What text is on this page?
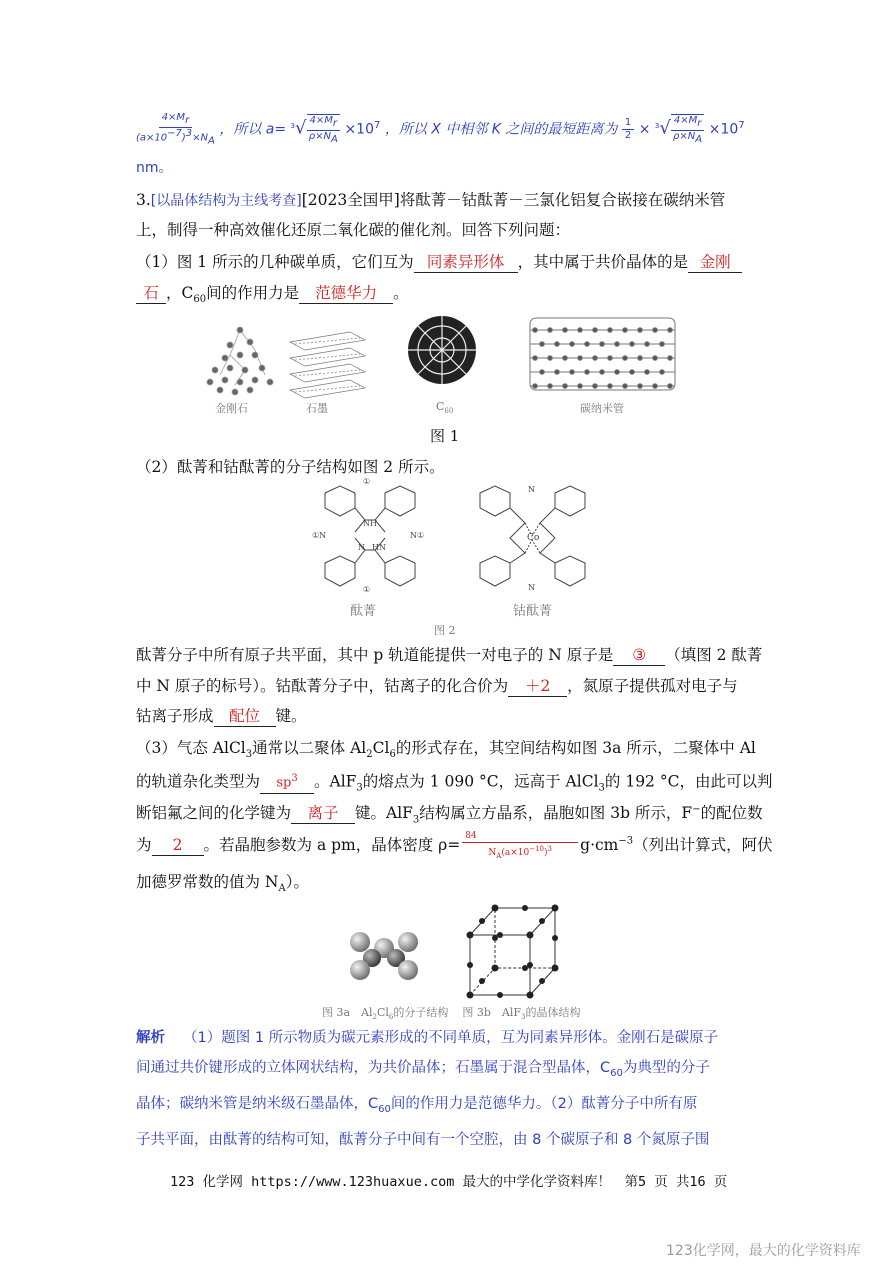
$\frac{4\times M_r}{(a\times 10^{-7})^3\times N_A}$ ，所以 $a= ^3√ \frac{4\times M_r}{\rho\times N_A} \times 10^7$ ，所以 X 中相邻 K 之间的最短距离为 $\frac{1}{2} \times ^3√ \frac{4\times M_r}{\rho\times N_A} \times 10^7$
nm。
3.[以晶体结构为主线考查][2023全国甲]将酞菁－钴酞菁－三氯化铝复合嵌接在碳纳米管
上，制得一种高效催化还原二氧化碳的催化剂。回答下列问题：
（1）图 1 所示的几种碳单质，它们互为 同素异形体 ，其中属于共价晶体的是 金刚
石 ，$C_{60}$间的作用力是 范德华力 。
金刚石	石墨	$C_{60}$	碳纳米管
图 1
（2）酞菁和钴酞菁的分子结构如图 2 所示。
NH
N HN
①N	N①
①
①
Co
N
N
酞菁	钴酞菁
图 2
酞菁分子中所有原子共平面，其中 p 轨道能提供一对电子的 N 原子是 ③ （填图 2 酞菁
中 N 原子的标号）。钴酞菁分子中，钴离子的化合价为 ＋2 ，氮原子提供孤对电子与
钴离子形成 配位 键。
（3）气态 AlCl$_3$通常以二聚体 $Al_2Cl_6$的形式存在，其空间结构如图 3a 所示，二聚体中 Al
的轨道杂化类型为 $sp^3$ 。AlF$_3$的熔点为 1 090 °C，远高于 AlCl$_3$的 192 °C，由此可以判
断铝氟之间的化学键为 离子 键。AlF$_3$结构属立方晶系，晶胞如图 3b 所示，F−的配位数
为 2 。若晶胞参数为 a pm，晶体密度 $\rho= \frac{84}{N_A(a\times 10^{-10})^3} g\cdot cm^{-3}$（列出计算式，阿伏
加德罗常数的值为 $N_A$）。
图 3a　$Al_2Cl_6$的分子结构 图 3b　AlF$_3$的晶体结构
解析 （1）题图 1 所示物质为碳元素形成的不同单质，互为同素异形体。金刚石是碳原子
间通过共价键形成的立体网状结构，为共价晶体；石墨属于混合型晶体，$C_{60}$为典型的分子
晶体；碳纳米管是纳米级石墨晶体，$C_{60}$间的作用力是范德华力。（2）酞菁分子中所有原
子共平面，由酞菁的结构可知，酞菁分子中间有一个空腔，由 8 个碳原子和 8 个氮原子围
123 化学网 https://www.123huaxue.com 最大的中学化学资料库！　第5 页 共16 页
123化学网，最大的化学资料库
